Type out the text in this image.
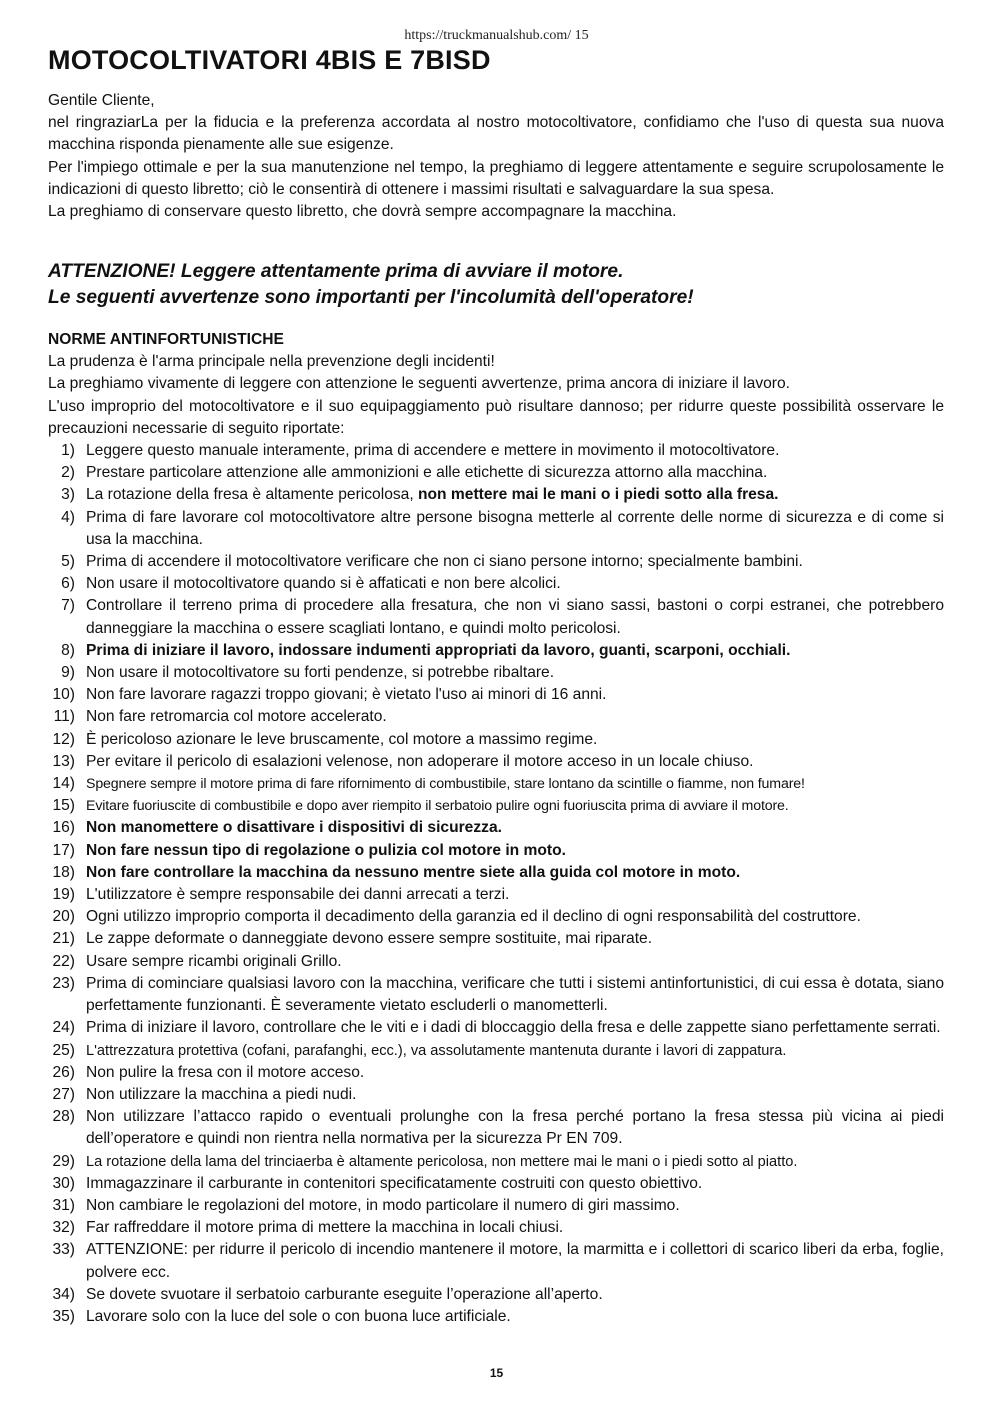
https://truckmanualshub.com/ 15
MOTOCOLTIVATORI 4BIS E 7BISD

Gentile Cliente,

nel ringraziarLa per la fiducia e la preferenza accordata al nostro motocoltivatore, confidiamo che l'uso di questa sua nuova macchina risponda pienamente alle sue esigenze.

Per l'impiego ottimale e per la sua manutenzione nel tempo, la preghiamo di leggere attentamente e seguire scrupolosamente le indicazioni di questo libretto; ciò le consentirà di ottenere i massimi risultati e salvaguardare la sua spesa.

La preghiamo di conservare questo libretto, che dovrà sempre accompagnare la macchina.

ATTENZIONE! Leggere attentamente prima di avviare il motore.

Le seguenti avvertenze sono importanti per l'incolumità dell'operatore!

NORME ANTINFORTUNISTICHE

La prudenza è l'arma principale nella prevenzione degli incidenti!

La preghiamo vivamente di leggere con attenzione le seguenti avvertenze, prima ancora di iniziare il lavoro.

L'uso improprio del motocoltivatore e il suo equipaggiamento può risultare dannoso; per ridurre queste possibilità osservare le precauzioni necessarie di seguito riportate:

1) Leggere questo manuale interamente, prima di accendere e mettere in movimento il motocoltivatore.
2) Prestare particolare attenzione alle ammonizioni e alle etichette di sicurezza attorno alla macchina.
3) La rotazione della fresa è altamente pericolosa, non mettere mai le mani o i piedi sotto alla fresa.
4) Prima di fare lavorare col motocoltivatore altre persone bisogna metterle al corrente delle norme di sicurezza e di come si usa la macchina.
5) Prima di accendere il motocoltivatore verificare che non ci siano persone intorno; specialmente bambini.
6) Non usare il motocoltivatore quando si è affaticati e non bere alcolici.
7) Controllare il terreno prima di procedere alla fresatura, che non vi siano sassi, bastoni o corpi estranei, che potrebbero danneggiare la macchina o essere scagliati lontano, e quindi molto pericolosi.
8) Prima di iniziare il lavoro, indossare indumenti appropriati da lavoro, guanti, scarponi, occhiali.
9) Non usare il motocoltivatore su forti pendenze, si potrebbe ribaltare.
10) Non fare lavorare ragazzi troppo giovani; è vietato l'uso ai minori di 16 anni.
11) Non fare retromarcia col motore accelerato.
12) È pericoloso azionare le leve bruscamente, col motore a massimo regime.
13) Per evitare il pericolo di esalazioni velenose, non adoperare il motore acceso in un locale chiuso.
14) Spegnere sempre il motore prima di fare rifornimento di combustibile, stare lontano da scintille o fiamme, non fumare!
15) Evitare fuoriuscite di combustibile e dopo aver riempito il serbatoio pulire ogni fuoriuscita prima di avviare il motore.
16) Non manomettere o disattivare i dispositivi di sicurezza.
17) Non fare nessun tipo di regolazione o pulizia col motore in moto.
18) Non fare controllare la macchina da nessuno mentre siete alla guida col motore in moto.
19) L'utilizzatore è sempre responsabile dei danni arrecati a terzi.
20) Ogni utilizzo improprio comporta il decadimento della garanzia ed il declino di ogni responsabilità del costruttore.
21) Le zappe deformate o danneggiate devono essere sempre sostituite, mai riparate.
22) Usare sempre ricambi originali Grillo.
23) Prima di cominciare qualsiasi lavoro con la macchina, verificare che tutti i sistemi antinfortunistici, di cui essa è dotata, siano perfettamente funzionanti. È severamente vietato escluderli o manometterli.
24) Prima di iniziare il lavoro, controllare che le viti e i dadi di bloccaggio della fresa e delle zappette siano perfettamente serrati.
25) L'attrezzatura protettiva (cofani, parafanghi, ecc.), va assolutamente mantenuta durante i lavori di zappatura.
26) Non pulire la fresa con il motore acceso.
27) Non utilizzare la macchina a piedi nudi.
28) Non utilizzare l’attacco rapido o eventuali prolunghe con la fresa perché portano la fresa stessa più vicina ai piedi dell’operatore e quindi non rientra nella normativa per la sicurezza Pr EN 709.
29) La rotazione della lama del trinciaerba è altamente pericolosa, non mettere mai le mani o i piedi sotto al piatto.
30) Immagazzinare il carburante in contenitori specificatamente costruiti con questo obiettivo.
31) Non cambiare le regolazioni del motore, in modo particolare il numero di giri massimo.
32) Far raffreddare il motore prima di mettere la macchina in locali chiusi.
33) ATTENZIONE: per ridurre il pericolo di incendio mantenere il motore, la marmitta e i collettori di scarico liberi da erba, foglie, polvere ecc.
34) Se dovete svuotare il serbatoio carburante eseguite l’operazione all’aperto.
35) Lavorare solo con la luce del sole o con buona luce artificiale.
15
